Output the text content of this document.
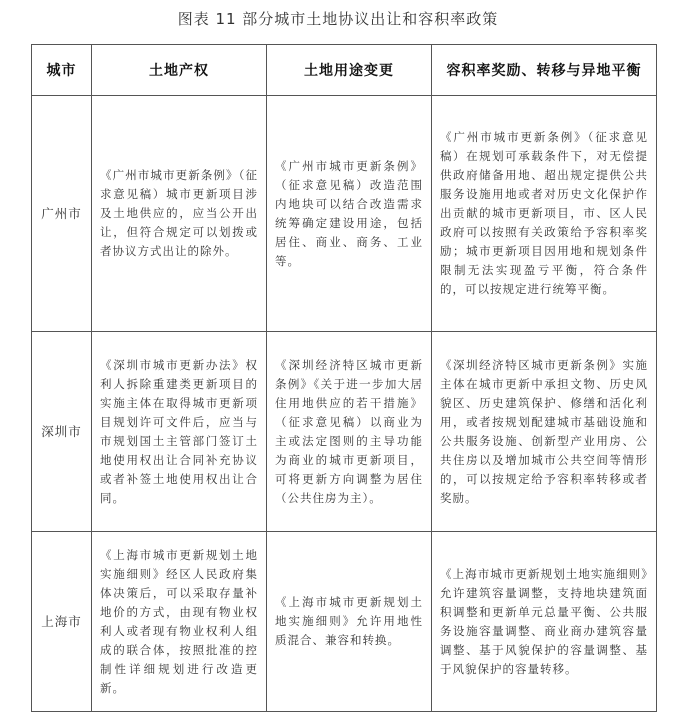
图表 11 部分城市土地协议出让和容积率政策
城市	土地产权	土地用途变更	容积率奖励、转移与异地平衡
广州市	《广州市城市更新条例》（征求意见稿）城市更新项目涉及土地供应的，应当公开出让，但符合规定可以划拨或者协议方式出让的除外。	《广州市城市更新条例》（征求意见稿）改造范围内地块可以结合改造需求统筹确定建设用途，包括居住、商业、商务、工业等。	《广州市城市更新条例》（征求意见稿）在规划可承载条件下，对无偿提供政府储备用地、超出规定提供公共服务设施用地或者对历史文化保护作出贡献的城市更新项目，市、区人民政府可以按照有关政策给予容积率奖励；城市更新项目因用地和规划条件限制无法实现盈亏平衡，符合条件的，可以按规定进行统筹平衡。
深圳市	《深圳市城市更新办法》权利人拆除重建类更新项目的实施主体在取得城市更新项目规划许可文件后，应当与市规划国土主管部门签订土地使用权出让合同补充协议或者补签土地使用权出让合同。	《深圳经济特区城市更新条例》《关于进一步加大居住用地供应的若干措施》（征求意见稿）以商业为主或法定图则的主导功能为商业的城市更新项目，可将更新方向调整为居住（公共住房为主）。	《深圳经济特区城市更新条例》实施主体在城市更新中承担文物、历史风貌区、历史建筑保护、修缮和活化利用，或者按规划配建城市基础设施和公共服务设施、创新型产业用房、公共住房以及增加城市公共空间等情形的，可以按规定给予容积率转移或者奖励。
上海市	《上海市城市更新规划土地实施细则》经区人民政府集体决策后，可以采取存量补地价的方式，由现有物业权利人或者现有物业权利人组成的联合体，按照批准的控制性详细规划进行改造更新。	《上海市城市更新规划土地实施细则》允许用地性质混合、兼容和转换。	《上海市城市更新规划土地实施细则》允许建筑容量调整，支持地块建筑面积调整和更新单元总量平衡、公共服务设施容量调整、商业商办建筑容量调整、基于风貌保护的容量调整、基于风貌保护的容量转移。
